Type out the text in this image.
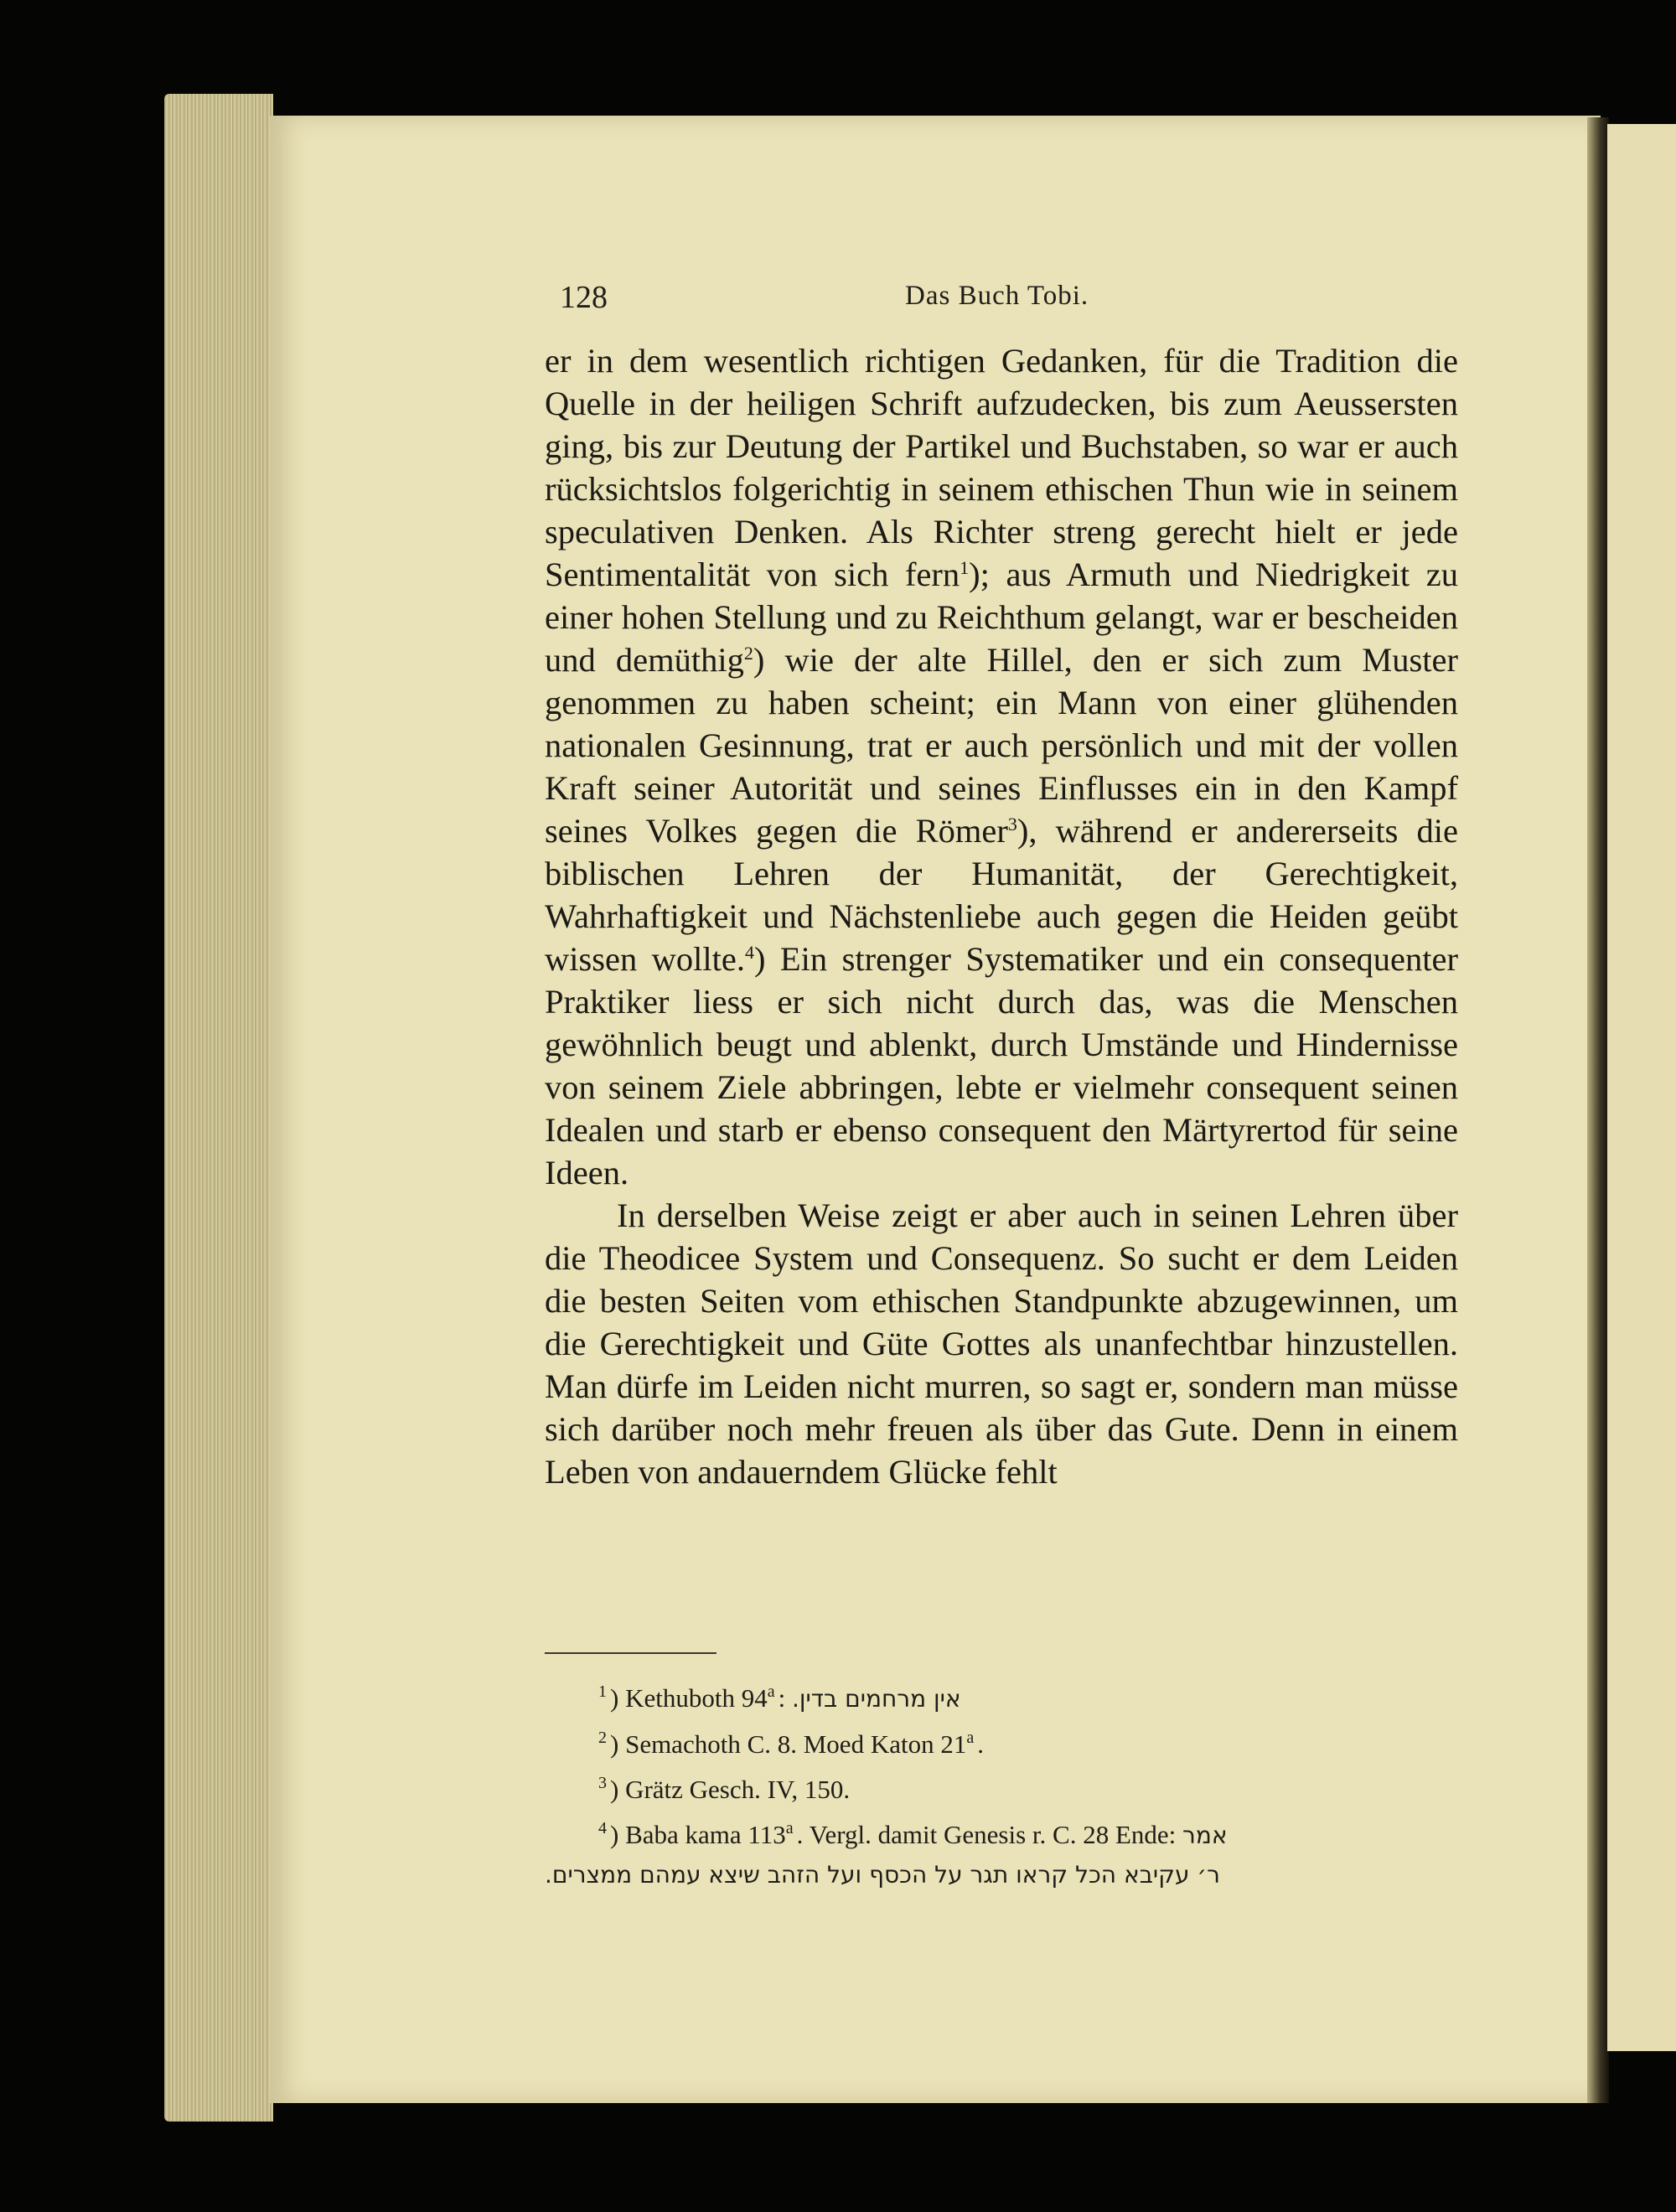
128	Das Buch Tobi.

er in dem wesentlich richtigen Gedanken, für die Tradition die Quelle in der heiligen Schrift aufzudecken, bis zum Aeussersten ging, bis zur Deutung der Partikel und Buchstaben, so war er auch rücksichtslos folgerichtig in seinem ethischen Thun wie in seinem speculativen Denken. Als Richter streng gerecht hielt er jede Sentimentalität von sich fern$^1$); aus Armuth und Niedrigkeit zu einer hohen Stellung und zu Reichthum gelangt, war er bescheiden und demüthig$^2$) wie der alte Hillel, den er sich zum Muster genommen zu haben scheint; ein Mann von einer glühenden nationalen Gesinnung, trat er auch persönlich und mit der vollen Kraft seiner Autorität und seines Einflusses ein in den Kampf seines Volkes gegen die Römer$^3$), während er andererseits die biblischen Lehren der Humanität, der Gerechtigkeit, Wahrhaftigkeit und Nächstenliebe auch gegen die Heiden geübt wissen wollte.$^4$) Ein strenger Systematiker und ein consequenter Praktiker liess er sich nicht durch das, was die Menschen gewöhnlich beugt und ablenkt, durch Umstände und Hindernisse von seinem Ziele abbringen, lebte er vielmehr consequent seinen Idealen und starb er ebenso consequent den Märtyrertod für seine Ideen.

In derselben Weise zeigt er aber auch in seinen Lehren über die Theodicee System und Consequenz. So sucht er dem Leiden die besten Seiten vom ethischen Standpunkte abzugewinnen, um die Gerechtigkeit und Güte Gottes als unanfechtbar hinzustellen. Man dürfe im Leiden nicht murren, so sagt er, sondern man müsse sich darüber noch mehr freuen als über das Gute. Denn in einem Leben von andauerndem Glücke fehlt

$^1$ ) Kethuboth 94$^a$ : אין מרחמים בדין.
$^2$ ) Semachoth C. 8. Moed Katon 21$^a$ .
$^3$ ) Grätz Gesch. IV, 150.
$^4$ ) Baba kama 113$^a$ . Vergl. damit Genesis r. C. 28 Ende: אמר
ר׳ עקיבא הכל קראו תגר על הכסף ועל הזהב שיצא עמהם ממצרים.
